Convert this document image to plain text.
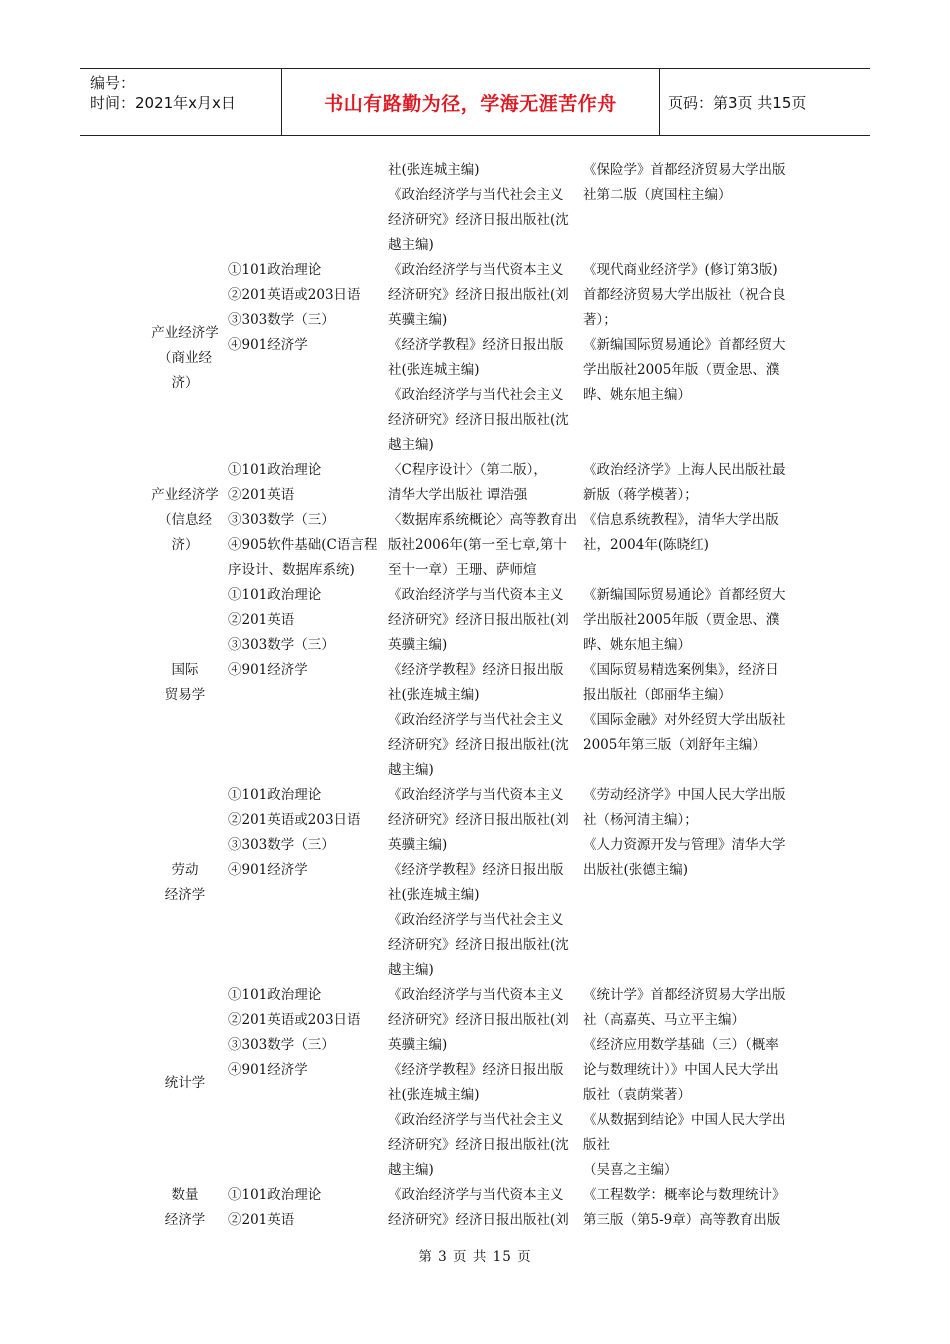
编号：
时间：2021年x月x日	书山有路勤为径，学海无涯苦作舟	页码：第3页 共15页
社(张连城主编)
《政治经济学与当代社会主义
经济研究》经济日报出版社(沈
越主编)
《保险学》首都经济贸易大学出版
社第二版（庹国柱主编）
产业经济学
（商业经
济）
①101政治理论
②201英语或203日语
③303数学（三）
④901经济学
《政治经济学与当代资本主义
经济研究》经济日报出版社(刘
英骥主编)
《经济学教程》经济日报出版
社(张连城主编)
《政治经济学与当代社会主义
经济研究》经济日报出版社(沈
越主编)
《现代商业经济学》(修订第3版)
首都经济贸易大学出版社（祝合良
著）；
《新编国际贸易通论》首都经贸大
学出版社2005年版（贾金思、濮
晔、姚东旭主编）
产业经济学
（信息经
济）
①101政治理论
②201英语
③303数学（三）
④905软件基础(C语言程
序设计、数据库系统)
〈C程序设计〉（第二版），
清华大学出版社 谭浩强
〈数据库系统概论〉高等教育出
版社2006年(第一至七章,第十
至十一章）王珊、萨师煊
《政治经济学》上海人民出版社最
新版（蒋学模著）；
《信息系统教程》，清华大学出版
社，2004年(陈晓红)
国际
贸易学
①101政治理论
②201英语
③303数学（三）
④901经济学
《政治经济学与当代资本主义
经济研究》经济日报出版社(刘
英骥主编)
《经济学教程》经济日报出版
社(张连城主编)
《政治经济学与当代社会主义
经济研究》经济日报出版社(沈
越主编)
《新编国际贸易通论》首都经贸大
学出版社2005年版（贾金思、濮
晔、姚东旭主编）
《国际贸易精选案例集》，经济日
报出版社（郎丽华主编）
《国际金融》对外经贸大学出版社
2005年第三版（刘舒年主编）
劳动
经济学
①101政治理论
②201英语或203日语
③303数学（三）
④901经济学
《政治经济学与当代资本主义
经济研究》经济日报出版社(刘
英骥主编)
《经济学教程》经济日报出版
社(张连城主编)
《政治经济学与当代社会主义
经济研究》经济日报出版社(沈
越主编)
《劳动经济学》中国人民大学出版
社（杨河清主编）；
《人力资源开发与管理》清华大学
出版社(张德主编)
统计学
①101政治理论
②201英语或203日语
③303数学（三）
④901经济学
《政治经济学与当代资本主义
经济研究》经济日报出版社(刘
英骥主编)
《经济学教程》经济日报出版
社(张连城主编)
《政治经济学与当代社会主义
经济研究》经济日报出版社(沈
越主编)
《统计学》首都经济贸易大学出版
社（高嘉英、马立平主编）
《经济应用数学基础（三）（概率
论与数理统计）》中国人民大学出
版社（袁荫棠著）
《从数据到结论》中国人民大学出
版社
（吴喜之主编）
数量
经济学
①101政治理论
②201英语
《政治经济学与当代资本主义
经济研究》经济日报出版社(刘
《工程数学：概率论与数理统计》
第三版（第5-9章）高等教育出版
第 3 页 共 15 页
